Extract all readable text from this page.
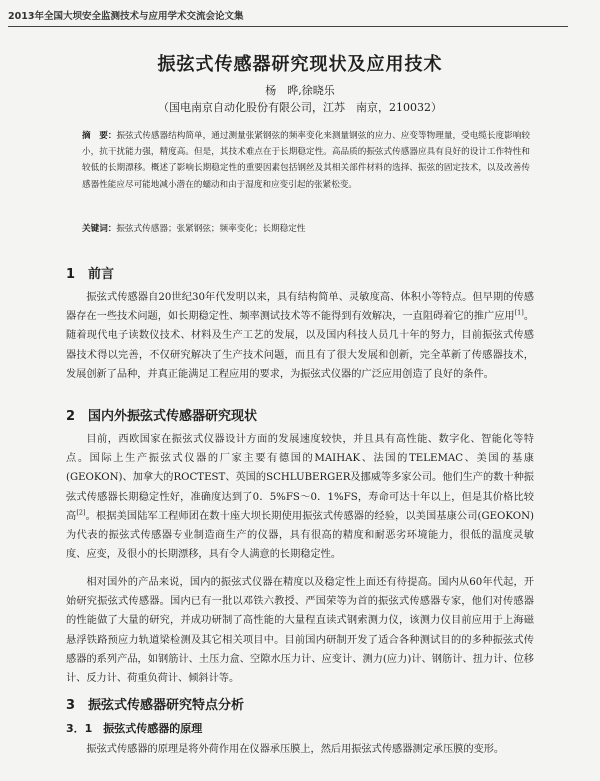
2013年全国大坝安全监测技术与应用学术交流会论文集
振弦式传感器研究现状及应用技术
杨　晔,徐晓乐
（国电南京自动化股份有限公司，江苏　南京，210032）
摘　要：振弦式传感器结构简单，通过测量张紧钢弦的频率变化来测量钢弦的应力、应变等物理量，受电缆长度影响较小，抗干扰能力强，精度高。但是，其技术难点在于长期稳定性。高品质的振弦式传感器应具有良好的设计工作特性和较低的长期漂移。概述了影响长期稳定性的重要因素包括钢丝及其相关部件材料的选择、振弦的固定技术，以及改善传感器性能应尽可能地减小潜在的蠕动和由于湿度和应变引起的张紧松变。
关键词：振弦式传感器；张紧钢弦；频率变化；长期稳定性
1　前言
振弦式传感器自20世纪30年代发明以来，具有结构简单、灵敏度高、体积小等特点。但早期的传感器存在一些技术问题，如长期稳定性、频率测试技术等不能得到有效解决，一直阻碍着它的推广应用[1]。随着现代电子读数仪技术、材料及生产工艺的发展，以及国内科技人员几十年的努力，目前振弦式传感器技术得以完善，不仅研究解决了生产技术问题，而且有了很大发展和创新，完全革新了传感器技术，发展创新了品种，并真正能满足工程应用的要求，为振弦式仪器的广泛应用创造了良好的条件。
2　国内外振弦式传感器研究现状
目前，西欧国家在振弦式仪器设计方面的发展速度较快，并且具有高性能、数字化、智能化等特点。国际上生产振弦式仪器的厂家主要有德国的MAIHAK、法国的TELEMAC、美国的基康(GEOKON)、加拿大的ROCTEST、英国的SCHLUBERGER及挪威等多家公司。他们生产的数十种振弦式传感器长期稳定性好，准确度达到了0．5%FS～0．1%FS，寿命可达十年以上，但是其价格比较高[2]。根据美国陆军工程师团在数十座大坝长期使用振弦式传感器的经验，以美国基康公司(GEOKON)为代表的振弦式传感器专业制造商生产的仪器，具有很高的精度和耐恶劣环境能力，很低的温度灵敏度、应变，及很小的长期漂移，具有令人满意的长期稳定性。
相对国外的产品来说，国内的振弦式仪器在精度以及稳定性上面还有待提高。国内从60年代起，开始研究振弦式传感器。国内已有一批以邓铁六教授、严国荣等为首的振弦式传感器专家，他们对传感器的性能做了大量的研究，并成功研制了高性能的大量程直读式钢索测力仪，该测力仪目前应用于上海磁悬浮铁路预应力轨道梁检测及其它相关项目中。目前国内研制开发了适合各种测试目的的多种振弦式传感器的系列产品，如钢筋计、土压力盒、空隙水压力计、应变计、测力(应力)计、钢筋计、扭力计、位移计、反力计、荷重负荷计、倾斜计等。
3　振弦式传感器研究特点分析
3．1　振弦式传感器的原理
振弦式传感器的原理是将外荷作用在仪器承压膜上，然后用振弦式传感器测定承压膜的变形。
